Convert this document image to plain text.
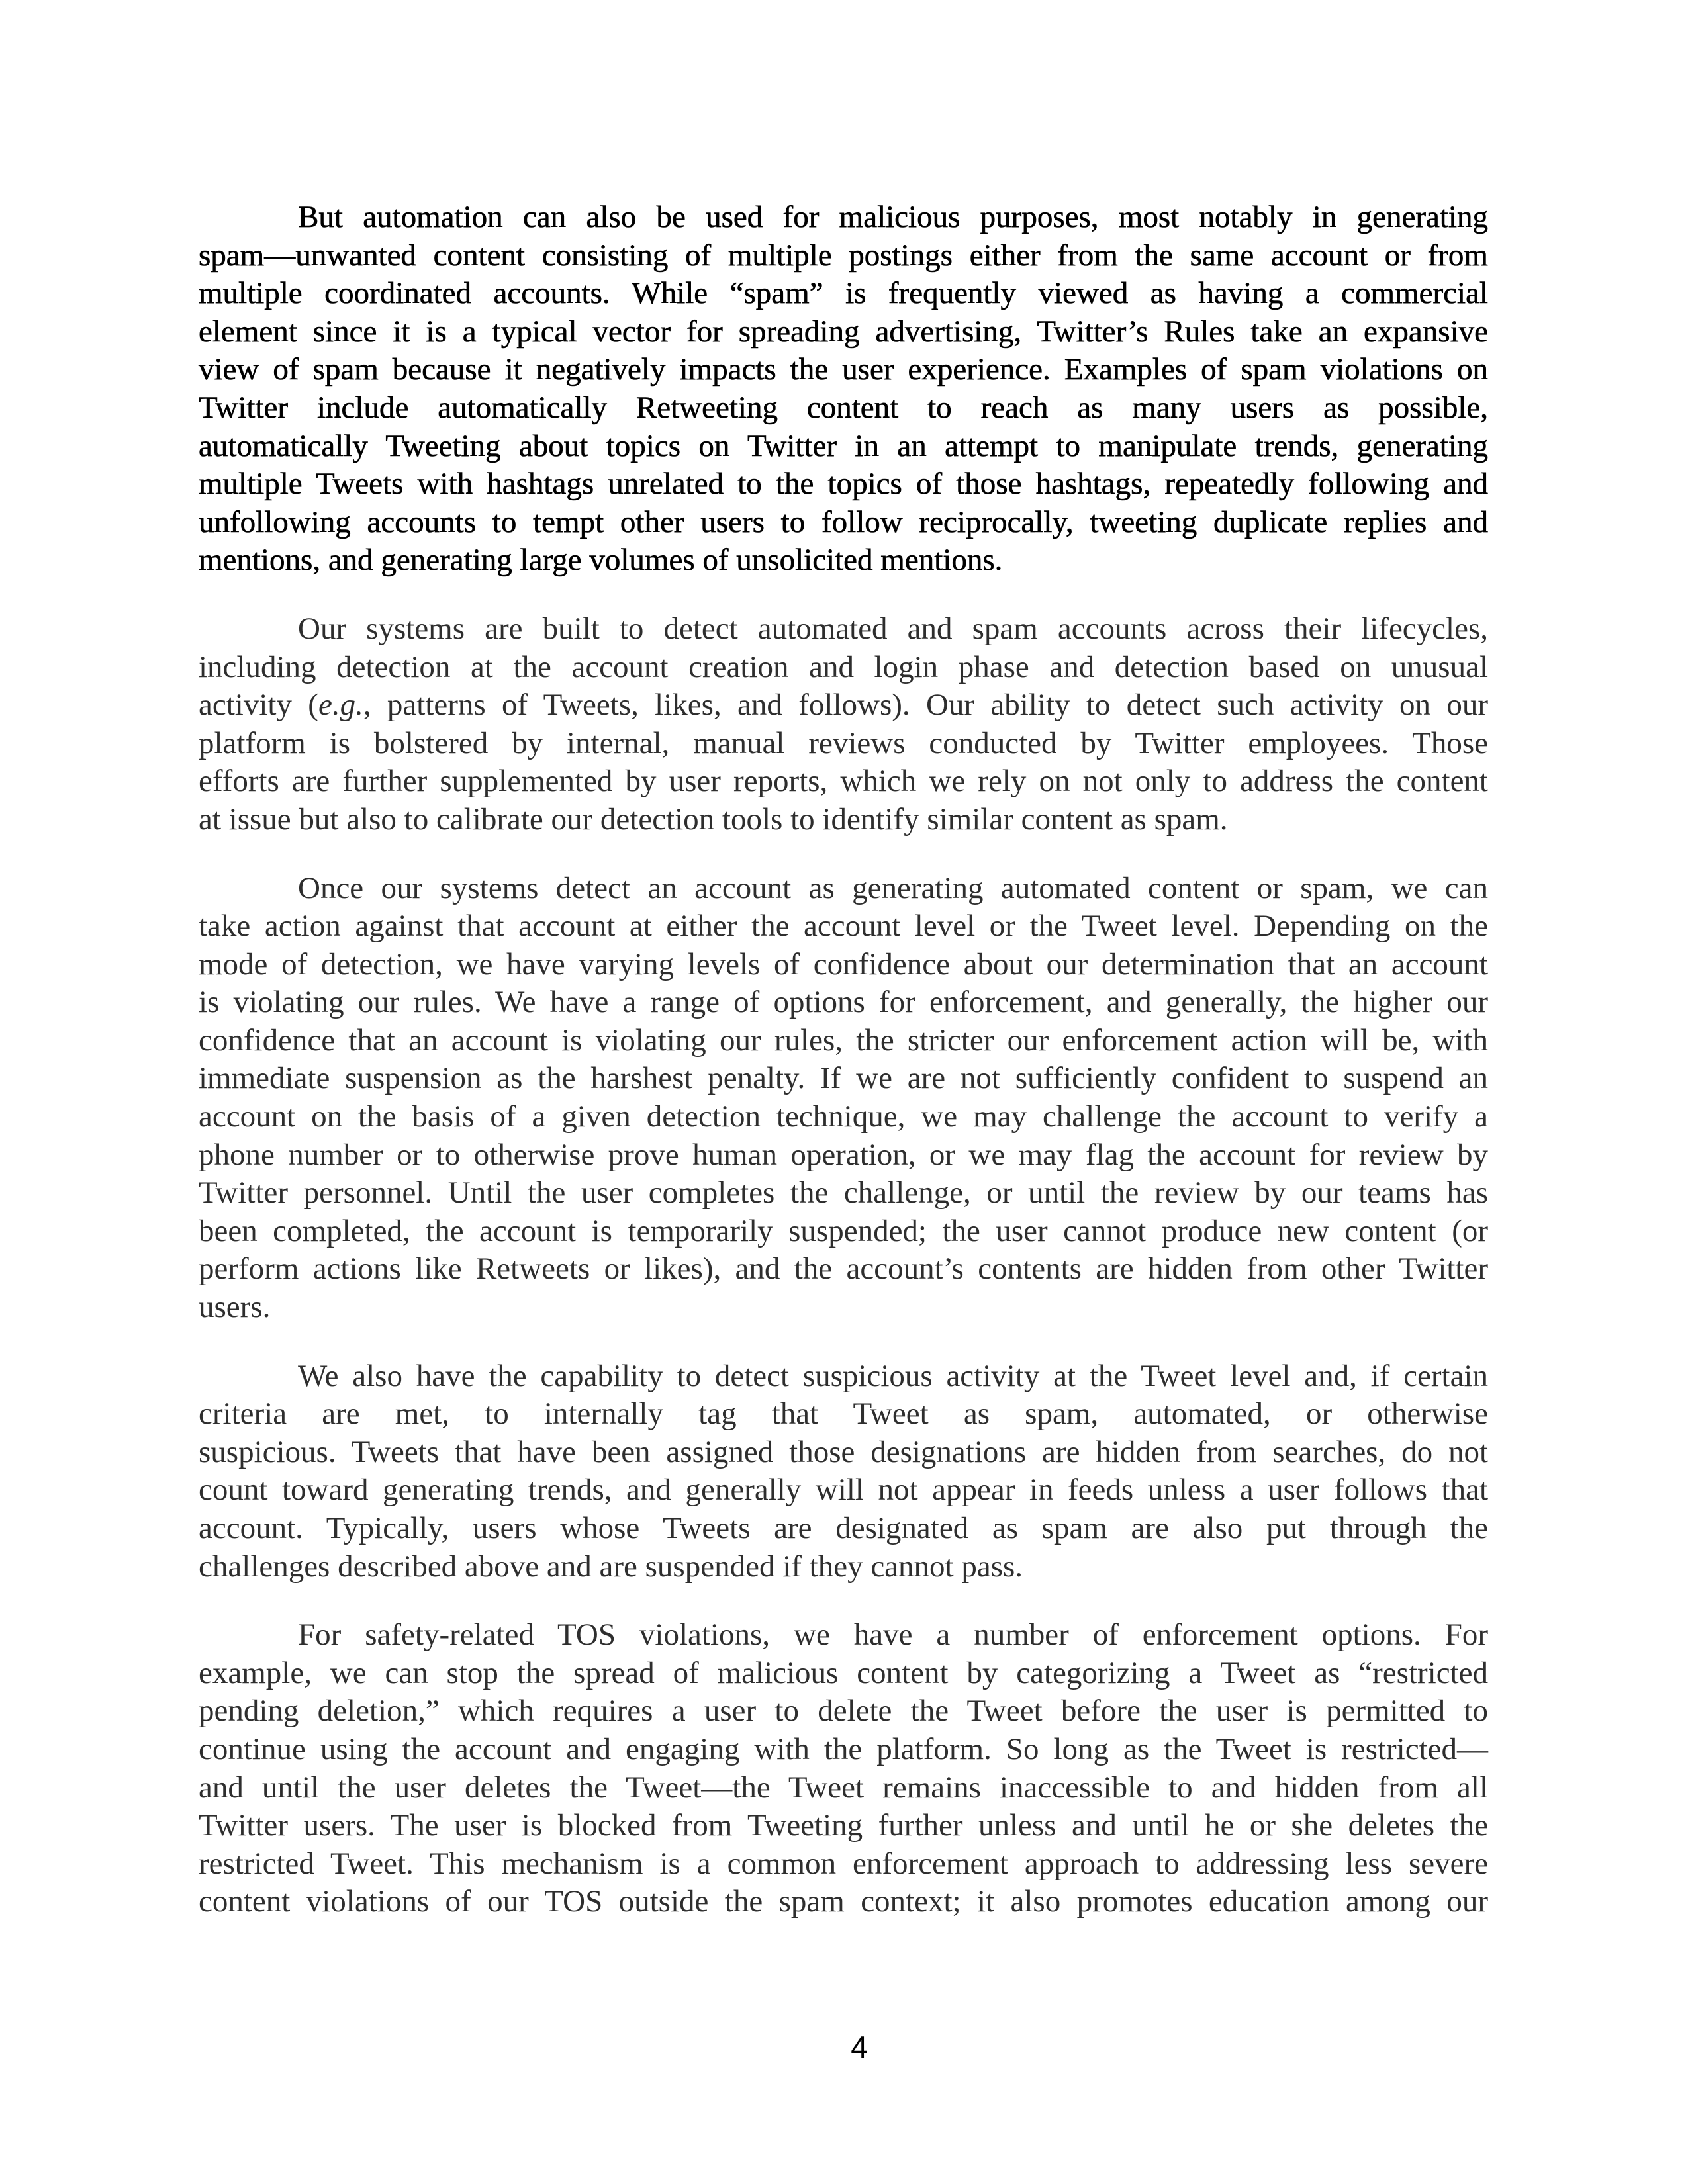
But automation can also be used for malicious purposes, most notably in generating
spam—unwanted content consisting of multiple postings either from the same account or from
multiple coordinated accounts. While “spam” is frequently viewed as having a commercial
element since it is a typical vector for spreading advertising, Twitter’s Rules take an expansive
view of spam because it negatively impacts the user experience. Examples of spam violations on
Twitter include automatically Retweeting content to reach as many users as possible,
automatically Tweeting about topics on Twitter in an attempt to manipulate trends, generating
multiple Tweets with hashtags unrelated to the topics of those hashtags, repeatedly following and
unfollowing accounts to tempt other users to follow reciprocally, tweeting duplicate replies and
mentions, and generating large volumes of unsolicited mentions.
Our systems are built to detect automated and spam accounts across their lifecycles,
including detection at the account creation and login phase and detection based on unusual
activity (e.g., patterns of Tweets, likes, and follows). Our ability to detect such activity on our
platform is bolstered by internal, manual reviews conducted by Twitter employees. Those
efforts are further supplemented by user reports, which we rely on not only to address the content
at issue but also to calibrate our detection tools to identify similar content as spam.
Once our systems detect an account as generating automated content or spam, we can
take action against that account at either the account level or the Tweet level. Depending on the
mode of detection, we have varying levels of confidence about our determination that an account
is violating our rules. We have a range of options for enforcement, and generally, the higher our
confidence that an account is violating our rules, the stricter our enforcement action will be, with
immediate suspension as the harshest penalty. If we are not sufficiently confident to suspend an
account on the basis of a given detection technique, we may challenge the account to verify a
phone number or to otherwise prove human operation, or we may flag the account for review by
Twitter personnel. Until the user completes the challenge, or until the review by our teams has
been completed, the account is temporarily suspended; the user cannot produce new content (or
perform actions like Retweets or likes), and the account’s contents are hidden from other Twitter
users.
We also have the capability to detect suspicious activity at the Tweet level and, if certain
criteria are met, to internally tag that Tweet as spam, automated, or otherwise
suspicious. Tweets that have been assigned those designations are hidden from searches, do not
count toward generating trends, and generally will not appear in feeds unless a user follows that
account. Typically, users whose Tweets are designated as spam are also put through the
challenges described above and are suspended if they cannot pass.
For safety-related TOS violations, we have a number of enforcement options. For
example, we can stop the spread of malicious content by categorizing a Tweet as “restricted
pending deletion,” which requires a user to delete the Tweet before the user is permitted to
continue using the account and engaging with the platform. So long as the Tweet is restricted—
and until the user deletes the Tweet—the Tweet remains inaccessible to and hidden from all
Twitter users. The user is blocked from Tweeting further unless and until he or she deletes the
restricted Tweet. This mechanism is a common enforcement approach to addressing less severe
content violations of our TOS outside the spam context; it also promotes education among our
4
